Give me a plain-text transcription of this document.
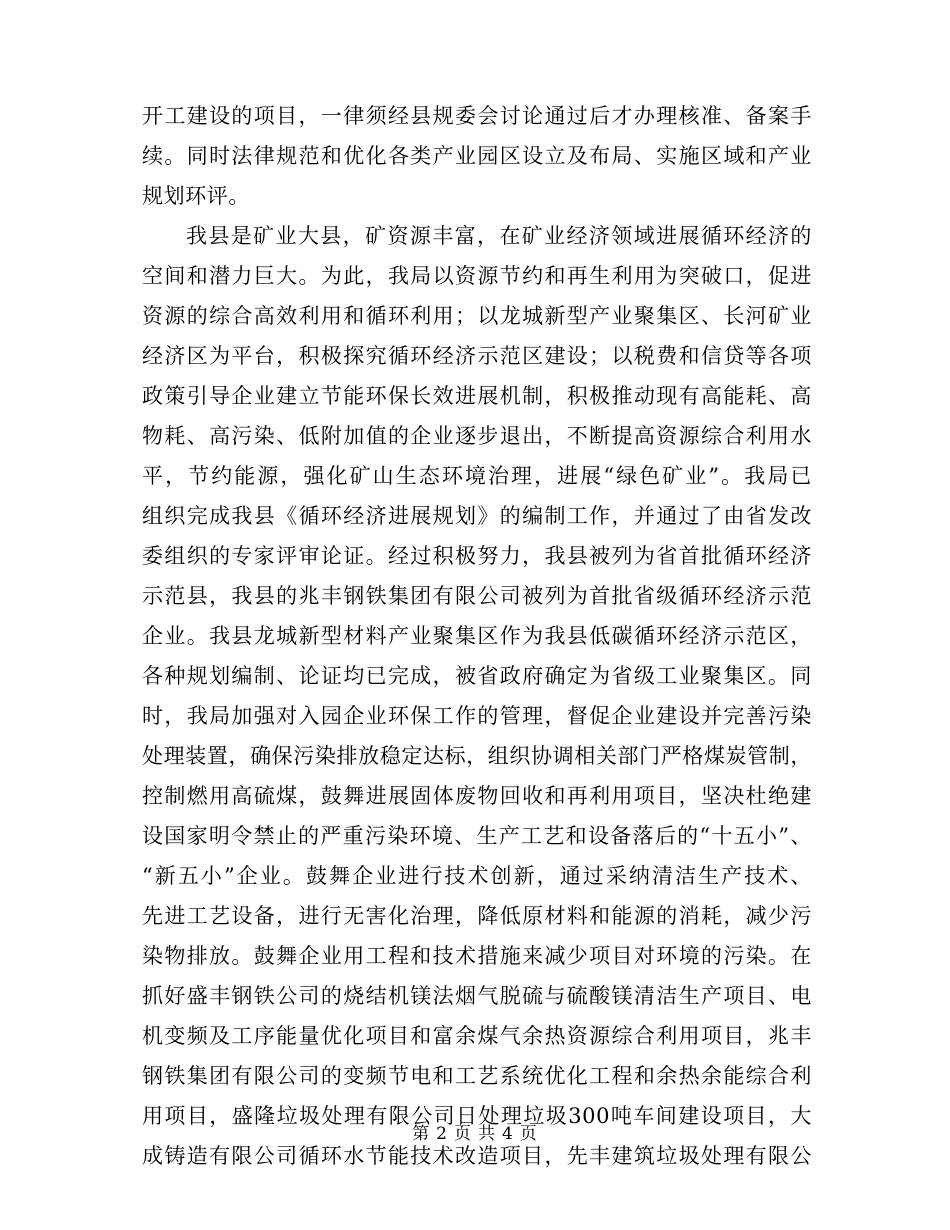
开工建设的项目，一律须经县规委会讨论通过后才办理核准、备案手
续。同时法律规范和优化各类产业园区设立及布局、实施区域和产业
规划环评。
我县是矿业大县，矿资源丰富，在矿业经济领域进展循环经济的
空间和潜力巨大。为此，我局以资源节约和再生利用为突破口，促进
资源的综合高效利用和循环利用；以龙城新型产业聚集区、长河矿业
经济区为平台，积极探究循环经济示范区建设；以税费和信贷等各项
政策引导企业建立节能环保长效进展机制，积极推动现有高能耗、高
物耗、高污染、低附加值的企业逐步退出，不断提高资源综合利用水
平，节约能源，强化矿山生态环境治理，进展“绿色矿业”。我局已
组织完成我县《循环经济进展规划》的编制工作，并通过了由省发改
委组织的专家评审论证。经过积极努力，我县被列为省首批循环经济
示范县，我县的兆丰钢铁集团有限公司被列为首批省级循环经济示范
企业。我县龙城新型材料产业聚集区作为我县低碳循环经济示范区，
各种规划编制、论证均已完成，被省政府确定为省级工业聚集区。同
时，我局加强对入园企业环保工作的管理，督促企业建设并完善污染
处理装置，确保污染排放稳定达标，组织协调相关部门严格煤炭管制，
控制燃用高硫煤，鼓舞进展固体废物回收和再利用项目，坚决杜绝建
设国家明令禁止的严重污染环境、生产工艺和设备落后的“十五小”、
“新五小”企业。鼓舞企业进行技术创新，通过采纳清洁生产技术、
先进工艺设备，进行无害化治理，降低原材料和能源的消耗，减少污
染物排放。鼓舞企业用工程和技术措施来减少项目对环境的污染。在
抓好盛丰钢铁公司的烧结机镁法烟气脱硫与硫酸镁清洁生产项目、电
机变频及工序能量优化项目和富余煤气余热资源综合利用项目，兆丰
钢铁集团有限公司的变频节电和工艺系统优化工程和余热余能综合利
用项目，盛隆垃圾处理有限公司日处理垃圾300吨车间建设项目，大
成铸造有限公司循环水节能技术改造项目，先丰建筑垃圾处理有限公
第 2 页 共 4 页
